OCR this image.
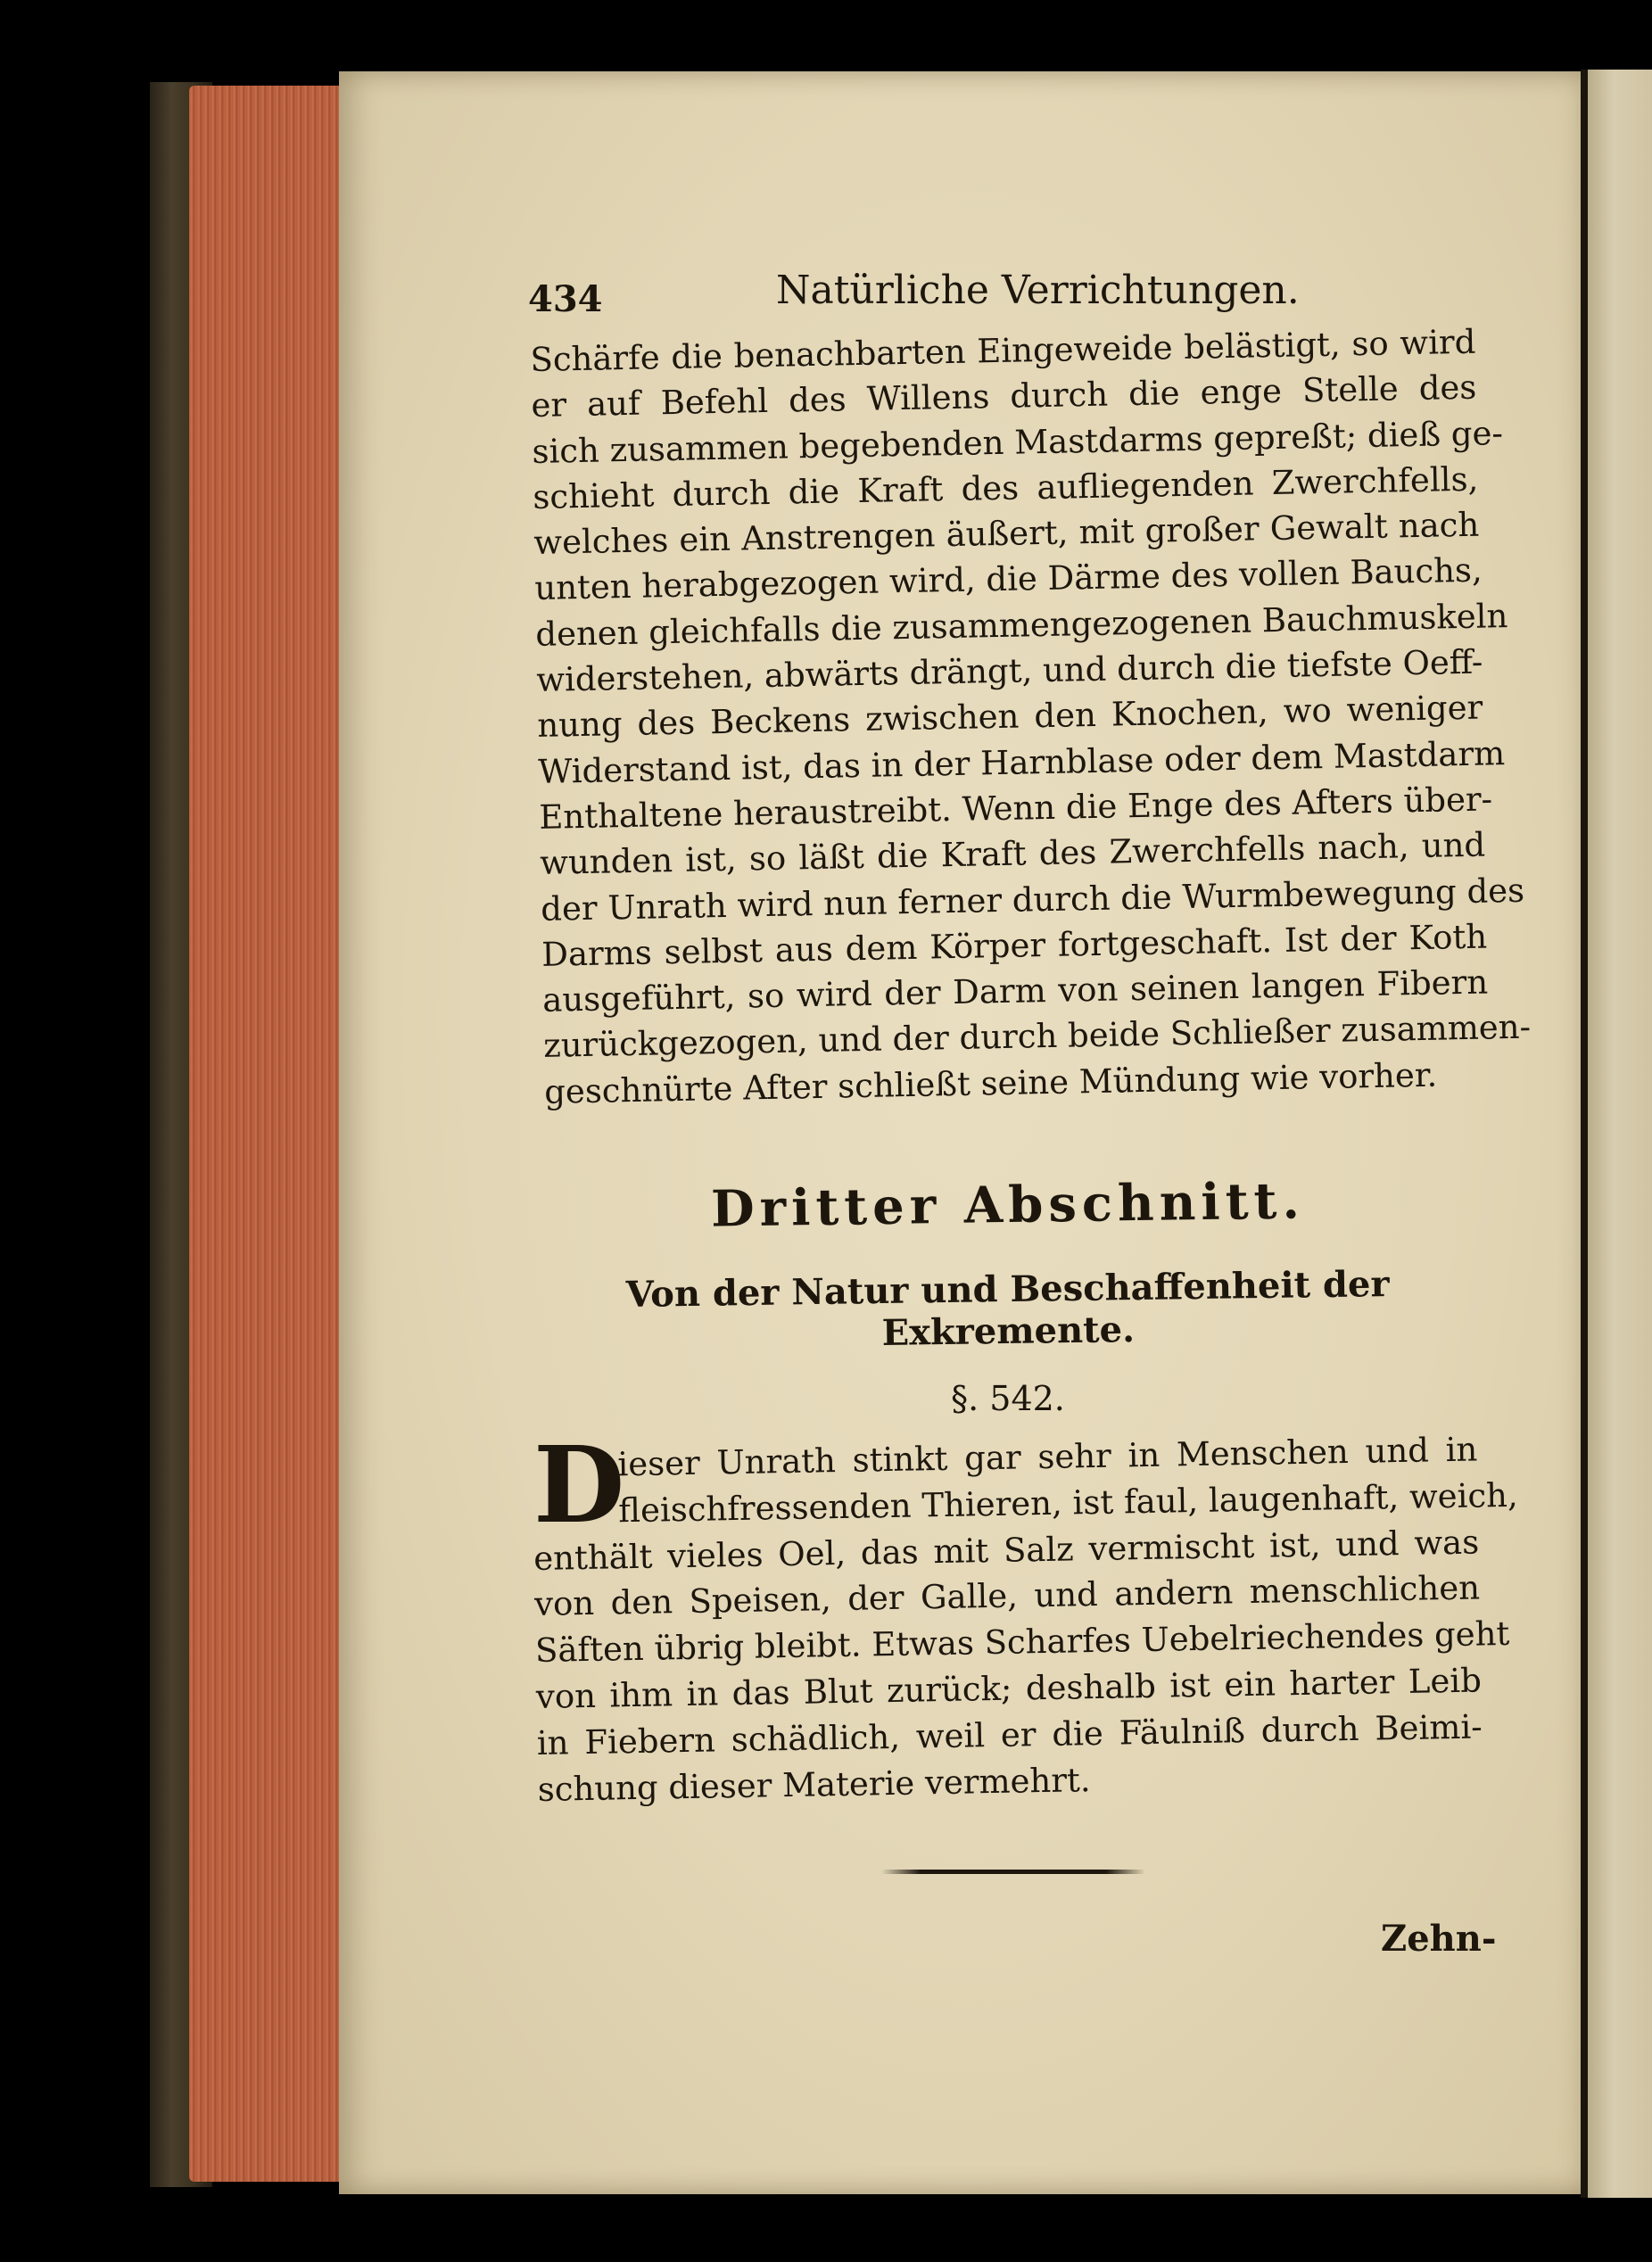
434	Natürliche Verrichtungen.
Schärfe die benachbarten Eingeweide belästigt, so wird
er auf Befehl des Willens durch die enge Stelle des
sich zusammen begebenden Mastdarms gepreßt; dieß ge-
schieht durch die Kraft des aufliegenden Zwerchfells,
welches ein Anstrengen äußert, mit großer Gewalt nach
unten herabgezogen wird, die Därme des vollen Bauchs,
denen gleichfalls die zusammengezogenen Bauchmuskeln
widerstehen, abwärts drängt, und durch die tiefste Oeff-
nung des Beckens zwischen den Knochen, wo weniger
Widerstand ist, das in der Harnblase oder dem Mastdarm
Enthaltene heraustreibt. Wenn die Enge des Afters über-
wunden ist, so läßt die Kraft des Zwerchfells nach, und
der Unrath wird nun ferner durch die Wurmbewegung des
Darms selbst aus dem Körper fortgeschaft. Ist der Koth
ausgeführt, so wird der Darm von seinen langen Fibern
zurückgezogen, und der durch beide Schließer zusammen-
geschnürte After schließt seine Mündung wie vorher.
Dritter Abschnitt.
Von der Natur und Beschaffenheit der Exkremente.
§. 542.
D
ieser Unrath stinkt gar sehr in Menschen und in
fleischfressenden Thieren, ist faul, laugenhaft, weich,
enthält vieles Oel, das mit Salz vermischt ist, und was
von den Speisen, der Galle, und andern menschlichen
Säften übrig bleibt. Etwas Scharfes Uebelriechendes geht
von ihm in das Blut zurück; deshalb ist ein harter Leib
in Fiebern schädlich, weil er die Fäulniß durch Beimi-
schung dieser Materie vermehrt.
Zehn-
